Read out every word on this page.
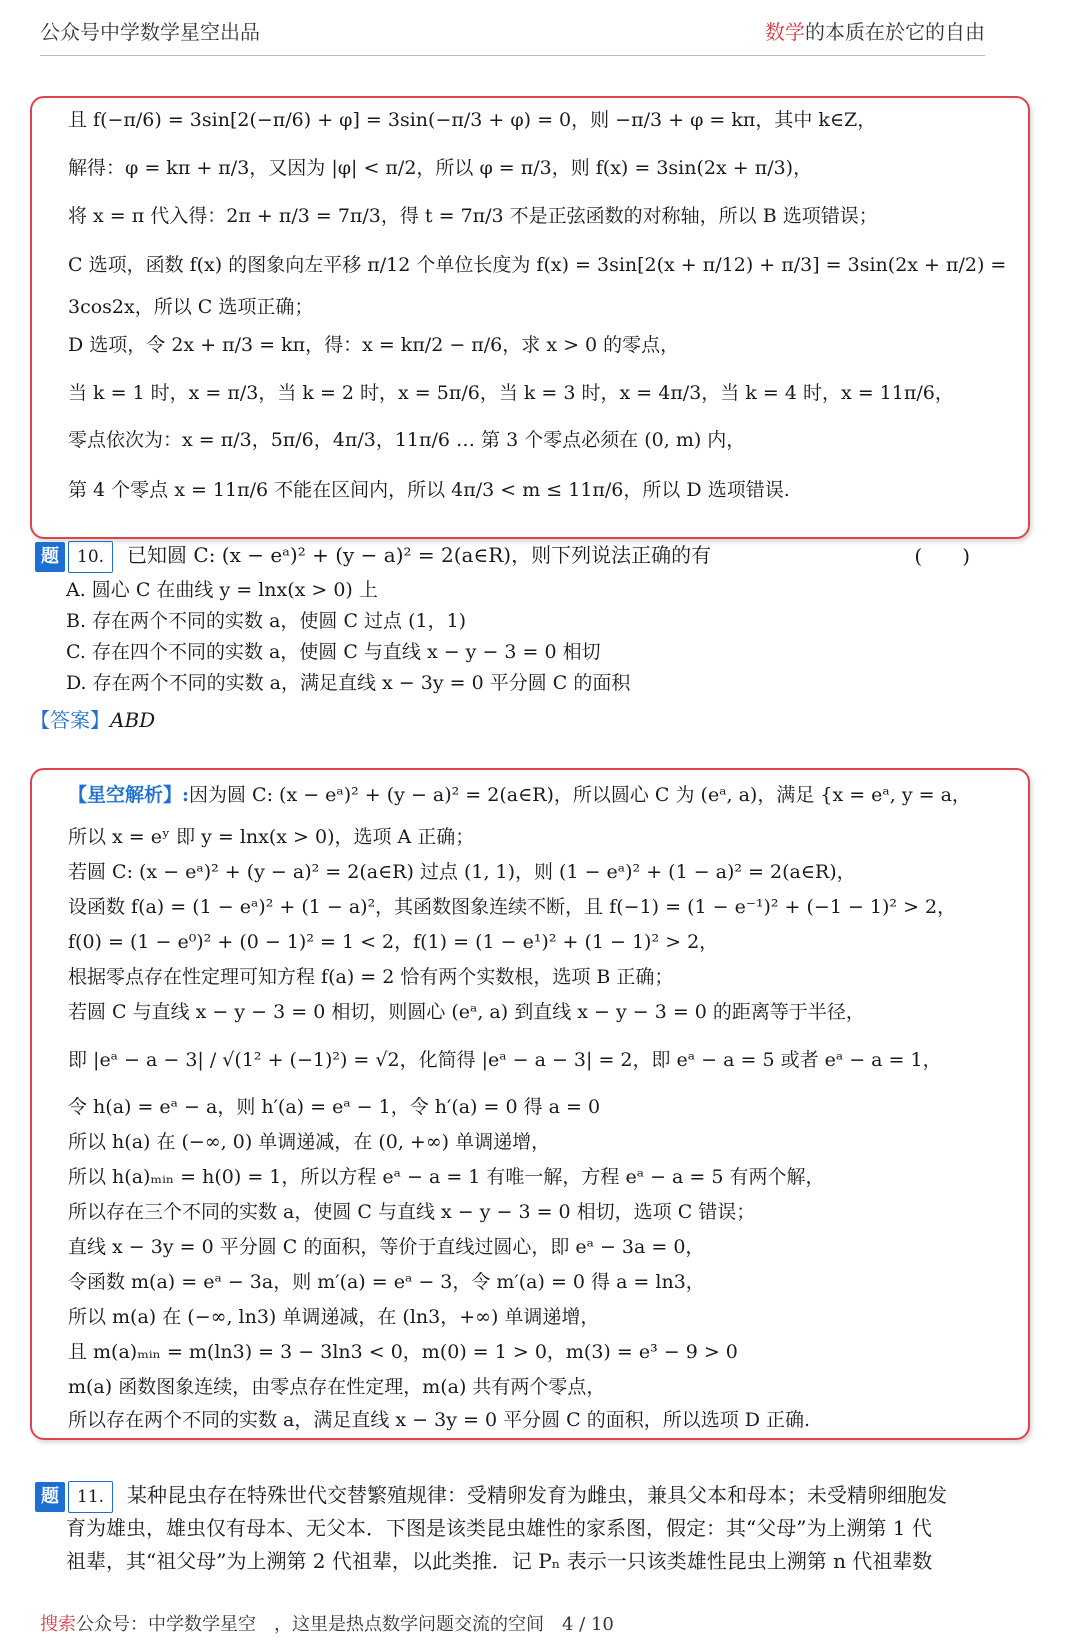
公众号中学数学星空出品	数学的本质在於它的自由
且 f(−π/6) = 3sin[2(−π/6) + φ] = 3sin(−π/3 + φ) = 0，则 −π/3 + φ = kπ，其中 k∈Z，
解得：φ = kπ + π/3，又因为 |φ| < π/2，所以 φ = π/3，则 f(x) = 3sin(2x + π/3)，
将 x = π 代入得：2π + π/3 = 7π/3，得 t = 7π/3 不是正弦函数的对称轴，所以 B 选项错误；
C 选项，函数 f(x) 的图象向左平移 π/12 个单位长度为 f(x) = 3sin[2(x + π/12) + π/3] = 3sin(2x + π/2) =
3cos2x，所以 C 选项正确；
D 选项，令 2x + π/3 = kπ，得：x = kπ/2 − π/6，求 x > 0 的零点，
当 k = 1 时，x = π/3，当 k = 2 时，x = 5π/6，当 k = 3 时，x = 4π/3，当 k = 4 时，x = 11π/6，
零点依次为：x = π/3，5π/6，4π/3，11π/6 … 第 3 个零点必须在 (0, m) 内，
第 4 个零点 x = 11π/6 不能在区间内，所以 4π/3 < m ≤ 11π/6，所以 D 选项错误.
题 10. 已知圆 C: (x − eᵃ)² + (y − a)² = 2(a∈R)，则下列说法正确的有	(　　)
A. 圆心 C 在曲线 y = lnx(x > 0) 上
B. 存在两个不同的实数 a，使圆 C 过点 (1，1)
C. 存在四个不同的实数 a，使圆 C 与直线 x − y − 3 = 0 相切
D. 存在两个不同的实数 a，满足直线 x − 3y = 0 平分圆 C 的面积
【答案】ABD
【星空解析】:因为圆 C: (x − eᵃ)² + (y − a)² = 2(a∈R)，所以圆心 C 为 (eᵃ, a)，满足 {x = eᵃ, y = a，
所以 x = eʸ 即 y = lnx(x > 0)，选项 A 正确；
若圆 C: (x − eᵃ)² + (y − a)² = 2(a∈R) 过点 (1, 1)，则 (1 − eᵃ)² + (1 − a)² = 2(a∈R)，
设函数 f(a) = (1 − eᵃ)² + (1 − a)²，其函数图象连续不断，且 f(−1) = (1 − e⁻¹)² + (−1 − 1)² > 2，
f(0) = (1 − e⁰)² + (0 − 1)² = 1 < 2，f(1) = (1 − e¹)² + (1 − 1)² > 2，
根据零点存在性定理可知方程 f(a) = 2 恰有两个实数根，选项 B 正确；
若圆 C 与直线 x − y − 3 = 0 相切，则圆心 (eᵃ, a) 到直线 x − y − 3 = 0 的距离等于半径，
即 |eᵃ − a − 3| / √(1² + (−1)²) = √2，化简得 |eᵃ − a − 3| = 2，即 eᵃ − a = 5 或者 eᵃ − a = 1，
令 h(a) = eᵃ − a，则 h′(a) = eᵃ − 1，令 h′(a) = 0 得 a = 0
所以 h(a) 在 (−∞, 0) 单调递减，在 (0, +∞) 单调递增，
所以 h(a)ₘᵢₙ = h(0) = 1，所以方程 eᵃ − a = 1 有唯一解，方程 eᵃ − a = 5 有两个解，
所以存在三个不同的实数 a，使圆 C 与直线 x − y − 3 = 0 相切，选项 C 错误；
直线 x − 3y = 0 平分圆 C 的面积，等价于直线过圆心，即 eᵃ − 3a = 0，
令函数 m(a) = eᵃ − 3a，则 m′(a) = eᵃ − 3，令 m′(a) = 0 得 a = ln3，
所以 m(a) 在 (−∞, ln3) 单调递减，在 (ln3，+∞) 单调递增，
且 m(a)ₘᵢₙ = m(ln3) = 3 − 3ln3 < 0，m(0) = 1 > 0，m(3) = e³ − 9 > 0
m(a) 函数图象连续，由零点存在性定理，m(a) 共有两个零点，
所以存在两个不同的实数 a，满足直线 x − 3y = 0 平分圆 C 的面积，所以选项 D 正确.
题 11. 某种昆虫存在特殊世代交替繁殖规律：受精卵发育为雌虫，兼具父本和母本；未受精卵细胞发
育为雄虫，雄虫仅有母本、无父本．下图是该类昆虫雄性的家系图，假定：其“父母”为上溯第 1 代
祖辈，其“祖父母”为上溯第 2 代祖辈，以此类推．记 Pₙ 表示一只该类雄性昆虫上溯第 n 代祖辈数
搜索公众号：中学数学星空　，这里是热点数学问题交流的空间　4 / 10
